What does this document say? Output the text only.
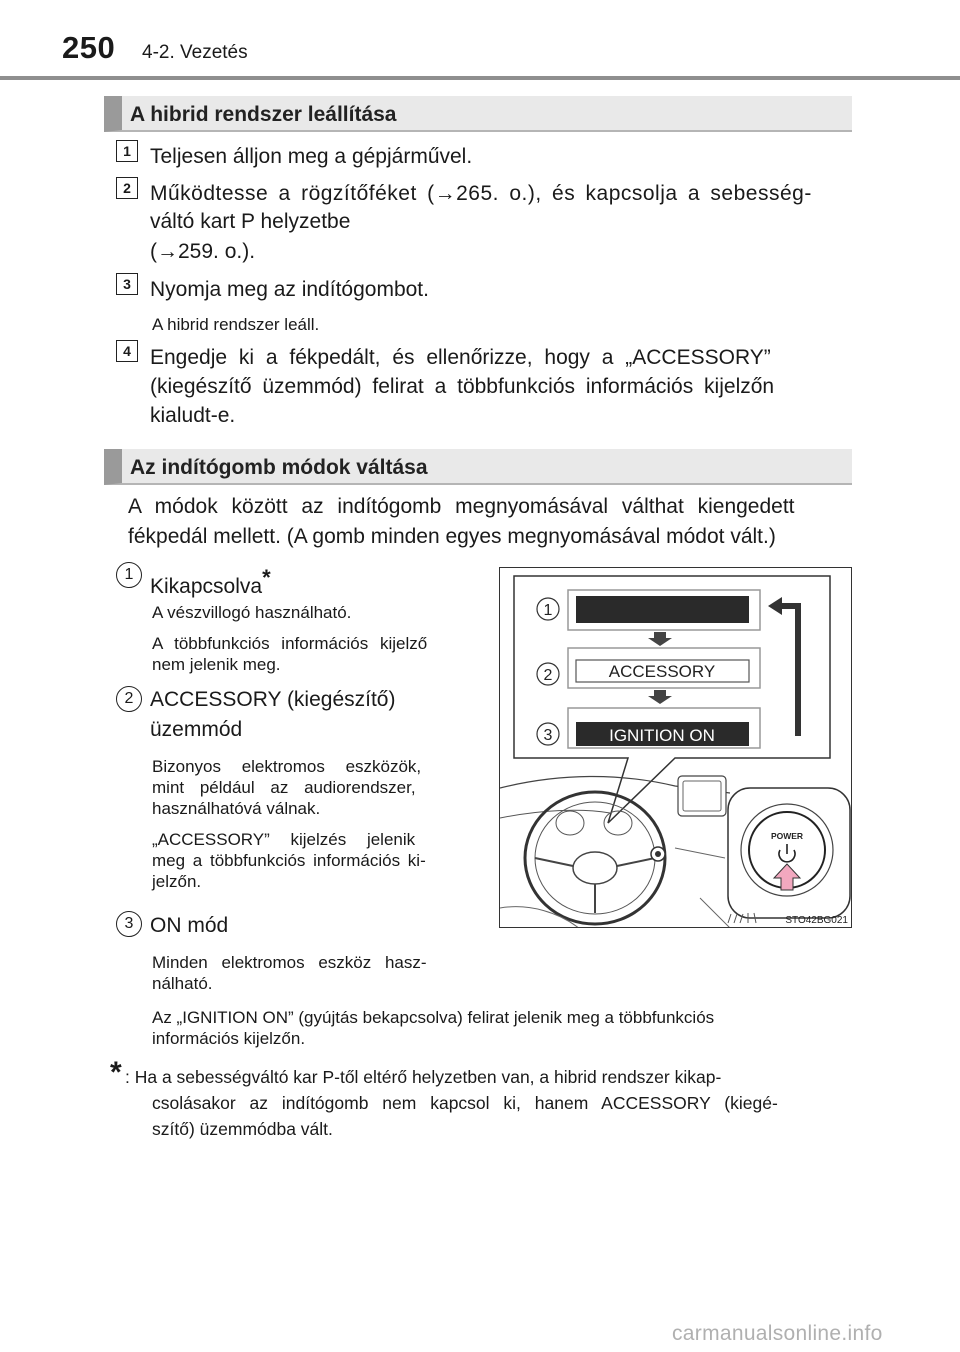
250 4-2. Vezetés
A hibrid rendszer leállítása
1 Teljesen álljon meg a gépjárművel.
2 Működtesse a rögzítőféket (→265. o.), és kapcsolja a sebesség-
váltó kart P helyzetbe
(→259. o.).
3 Nyomja meg az indítógombot.
A hibrid rendszer leáll.
4 Engedje ki a fékpedált, és ellenőrizze, hogy a „ACCESSORY”
(kiegészítő üzemmód) felirat a többfunkciós információs kijelzőn
kialudt-e.
Az indítógomb módok váltása
A módok között az indítógomb megnyomásával válthat kiengedett
fékpedál mellett. (A gomb minden egyes megnyomásával módot vált.)
1
Kikapcsolva*
A vészvillogó használható.
A többfunkciós információs kijelző
nem jelenik meg.
2 ACCESSORY (kiegészítő)
üzemmód
Bizonyos elektromos eszközök,
mint például az audiorendszer,
használhatóvá válnak.
„ACCESSORY” kijelzés jelenik
meg a többfunkciós információs ki-
jelzőn.
3 ON mód
Minden elektromos eszköz hasz-
nálható.
Az „IGNITION ON” (gyújtás bekapcsolva) felirat jelenik meg a többfunkciós
információs kijelzőn.
* : Ha a sebességváltó kar P-től eltérő helyzetben van, a hibrid rendszer kikap-
csolásakor az indítógomb nem kapcsol ki, hanem ACCESSORY (kiegé-
szítő) üzemmódba vált.
1
2
3
ACCESSORY
IGNITION ON
POWER
STO42BG021
carmanualsonline.info
